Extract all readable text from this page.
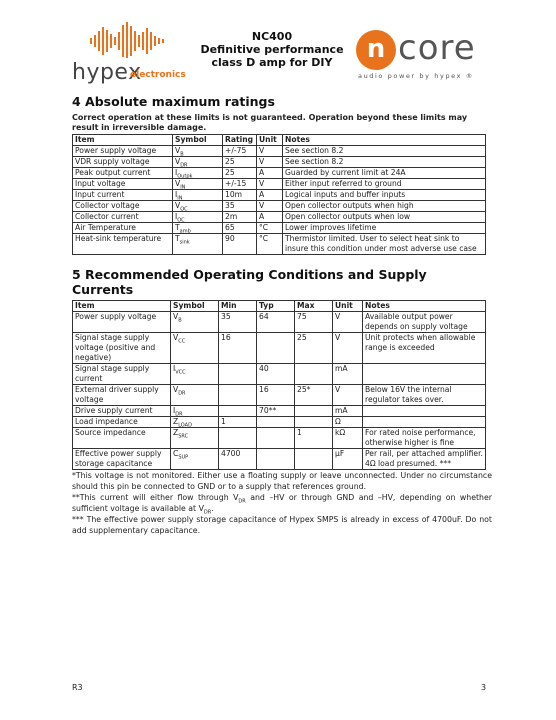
hypex
electronics
NC400
Definitive performance
class D amp for DIY	n core
audio power by hypex ®
4 Absolute maximum ratings
Correct operation at these limits is not guaranteed. Operation beyond these limits may result in irreversible damage.
Item	Symbol	Rating	Unit	Notes
Power supply voltage	$V_B$	+/-75	V	See section 8.2
VDR supply voltage	$V_{DR}$	25	V	See section 8.2
Peak output current	$I_{Outpk}$	25	A	Guarded by current limit at 24A
Input voltage	$V_{IN}$	+/-15	V	Either input referred to ground
Input current	$I_{IN}$	10m	A	Logical inputs and buffer inputs
Collector voltage	$V_{OC}$	35	V	Open collector outputs when high
Collector current	$I_{OC}$	2m	A	Open collector outputs when low
Air Temperature	$T_{amb}$	65	°C	Lower improves lifetime
Heat-sink temperature	$T_{sink}$	90	°C	Thermistor limited. User to select heat sink to insure this condition under most adverse use case
5 Recommended Operating Conditions and Supply Currents
Item	Symbol	Min	Typ	Max	Unit	Notes
Power supply voltage	$V_B$	35	64	75	V	Available output power depends on supply voltage
Signal stage supply voltage (positive and negative)	$V_{CC}$	16		25	V	Unit protects when allowable range is exceeded
Signal stage supply current	$I_{VCC}$		40		mA	
External driver supply voltage	$V_{DR}$		16	25*	V	Below 16V the internal regulator takes over.
Drive supply current	$I_{DR}$		70**		mA	
Load impedance	$Z_{LOAD}$	1			Ω	
Source impedance	$Z_{SRC}$			1	kΩ	For rated noise performance, otherwise higher is fine
Effective power supply storage capacitance	$C_{SUP}$	4700			µF	Per rail, per attached amplifier. 4Ω load presumed. ***
*This voltage is not monitored. Either use a floating supply or leave unconnected. Under no circumstance should this pin be connected to GND or to a supply that references ground.
**This current will either flow through $V_{DR}$ and –HV or through GND and –HV, depending on whether sufficient voltage is available at $V_{DR}$.
*** The effective power supply storage capacitance of Hypex SMPS is already in excess of 4700uF. Do not add supplementary capacitance.
R3	3
